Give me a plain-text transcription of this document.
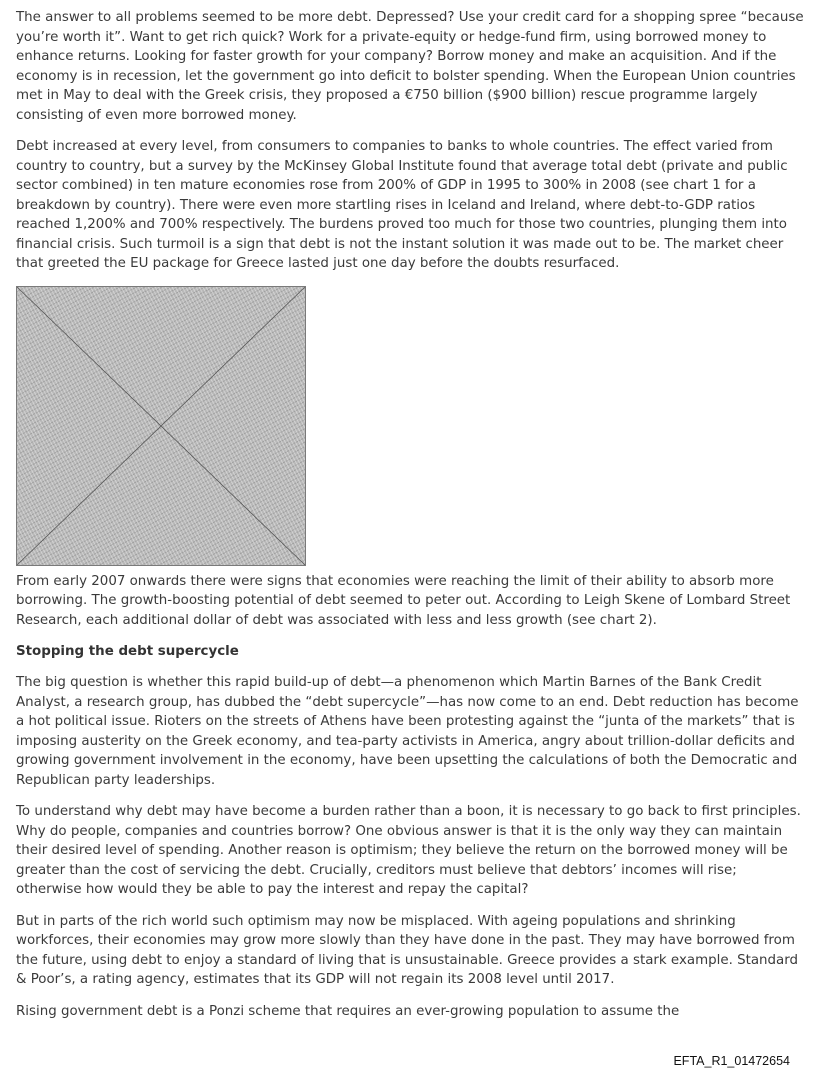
The answer to all problems seemed to be more debt. Depressed? Use your credit card for a shopping spree “because you’re worth it”. Want to get rich quick? Work for a private-equity or hedge-fund firm, using borrowed money to enhance returns. Looking for faster growth for your company? Borrow money and make an acquisition. And if the economy is in recession, let the government go into deficit to bolster spending. When the European Union countries met in May to deal with the Greek crisis, they proposed a €750 billion ($900 billion) rescue programme largely consisting of even more borrowed money.

Debt increased at every level, from consumers to companies to banks to whole countries. The effect varied from country to country, but a survey by the McKinsey Global Institute found that average total debt (private and public sector combined) in ten mature economies rose from 200% of GDP in 1995 to 300% in 2008 (see chart 1 for a breakdown by country). There were even more startling rises in Iceland and Ireland, where debt-to-GDP ratios reached 1,200% and 700% respectively. The burdens proved too much for those two countries, plunging them into financial crisis. Such turmoil is a sign that debt is not the instant solution it was made out to be. The market cheer that greeted the EU package for Greece lasted just one day before the doubts resurfaced.

From early 2007 onwards there were signs that economies were reaching the limit of their ability to absorb more borrowing. The growth-boosting potential of debt seemed to peter out. According to Leigh Skene of Lombard Street Research, each additional dollar of debt was associated with less and less growth (see chart 2).

Stopping the debt supercycle

The big question is whether this rapid build-up of debt—a phenomenon which Martin Barnes of the Bank Credit Analyst, a research group, has dubbed the “debt supercycle”—has now come to an end. Debt reduction has become a hot political issue. Rioters on the streets of Athens have been protesting against the “junta of the markets” that is imposing austerity on the Greek economy, and tea-party activists in America, angry about trillion-dollar deficits and growing government involvement in the economy, have been upsetting the calculations of both the Democratic and Republican party leaderships.

To understand why debt may have become a burden rather than a boon, it is necessary to go back to first principles. Why do people, companies and countries borrow? One obvious answer is that it is the only way they can maintain their desired level of spending. Another reason is optimism; they believe the return on the borrowed money will be greater than the cost of servicing the debt. Crucially, creditors must believe that debtors’ incomes will rise; otherwise how would they be able to pay the interest and repay the capital?

But in parts of the rich world such optimism may now be misplaced. With ageing populations and shrinking workforces, their economies may grow more slowly than they have done in the past. They may have borrowed from the future, using debt to enjoy a standard of living that is unsustainable. Greece provides a stark example. Standard & Poor’s, a rating agency, estimates that its GDP will not regain its 2008 level until 2017.

Rising government debt is a Ponzi scheme that requires an ever-growing population to assume the

EFTA_R1_01472654
